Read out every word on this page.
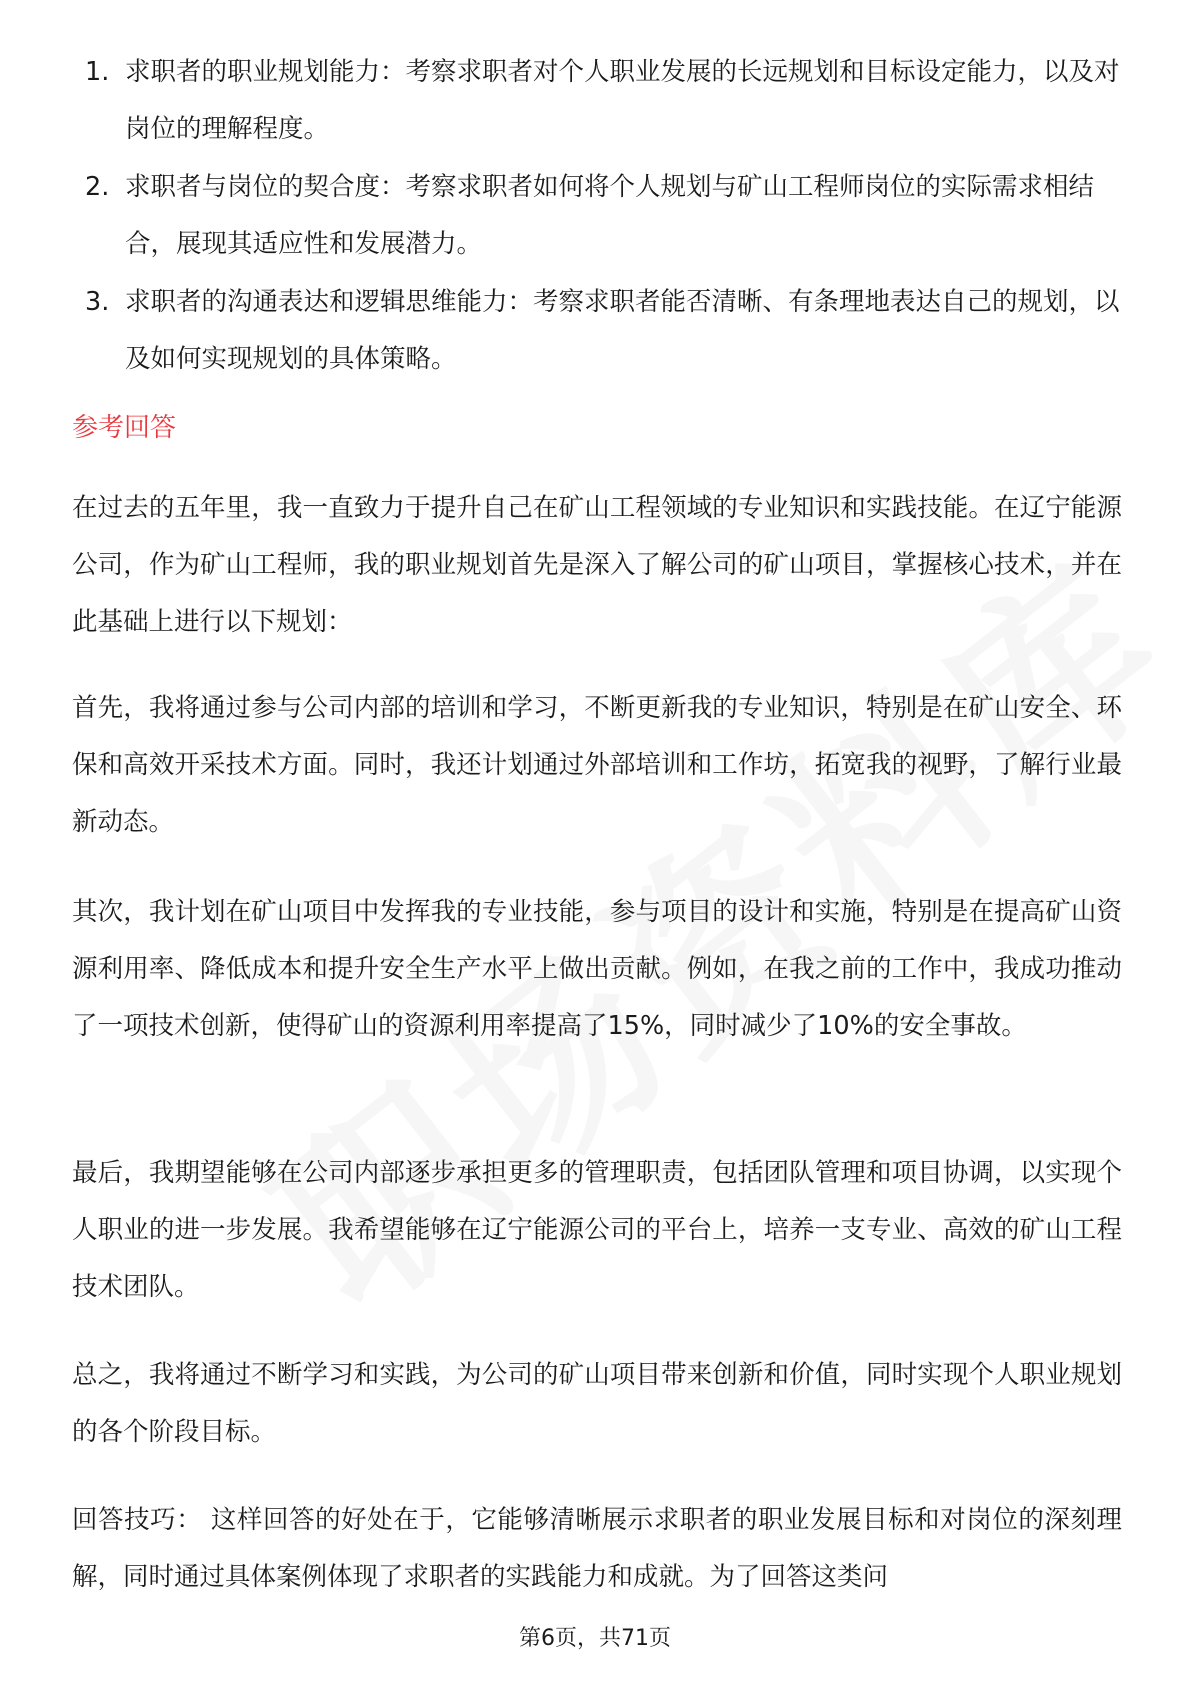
1. 求职者的职业规划能力：考察求职者对个人职业发展的长远规划和目标设定能力，以及对岗位的理解程度。
2. 求职者与岗位的契合度：考察求职者如何将个人规划与矿山工程师岗位的实际需求相结合，展现其适应性和发展潜力。
3. 求职者的沟通表达和逻辑思维能力：考察求职者能否清晰、有条理地表达自己的规划，以及如何实现规划的具体策略。
参考回答

在过去的五年里，我一直致力于提升自己在矿山工程领域的专业知识和实践技能。在辽宁能源公司，作为矿山工程师，我的职业规划首先是深入了解公司的矿山项目，掌握核心技术，并在此基础上进行以下规划：

首先，我将通过参与公司内部的培训和学习，不断更新我的专业知识，特别是在矿山安全、环保和高效开采技术方面。同时，我还计划通过外部培训和工作坊，拓宽我的视野，了解行业最新动态。

其次，我计划在矿山项目中发挥我的专业技能，参与项目的设计和实施，特别是在提高矿山资源利用率、降低成本和提升安全生产水平上做出贡献。例如，在我之前的工作中，我成功推动了一项技术创新，使得矿山的资源利用率提高了15%，同时减少了10%的安全事故。

最后，我期望能够在公司内部逐步承担更多的管理职责，包括团队管理和项目协调，以实现个人职业的进一步发展。我希望能够在辽宁能源公司的平台上，培养一支专业、高效的矿山工程技术团队。

总之，我将通过不断学习和实践，为公司的矿山项目带来创新和价值，同时实现个人职业规划的各个阶段目标。

回答技巧： 这样回答的好处在于，它能够清晰展示求职者的职业发展目标和对岗位的深刻理解，同时通过具体案例体现了求职者的实践能力和成就。为了回答这类问

第6页，共71页
